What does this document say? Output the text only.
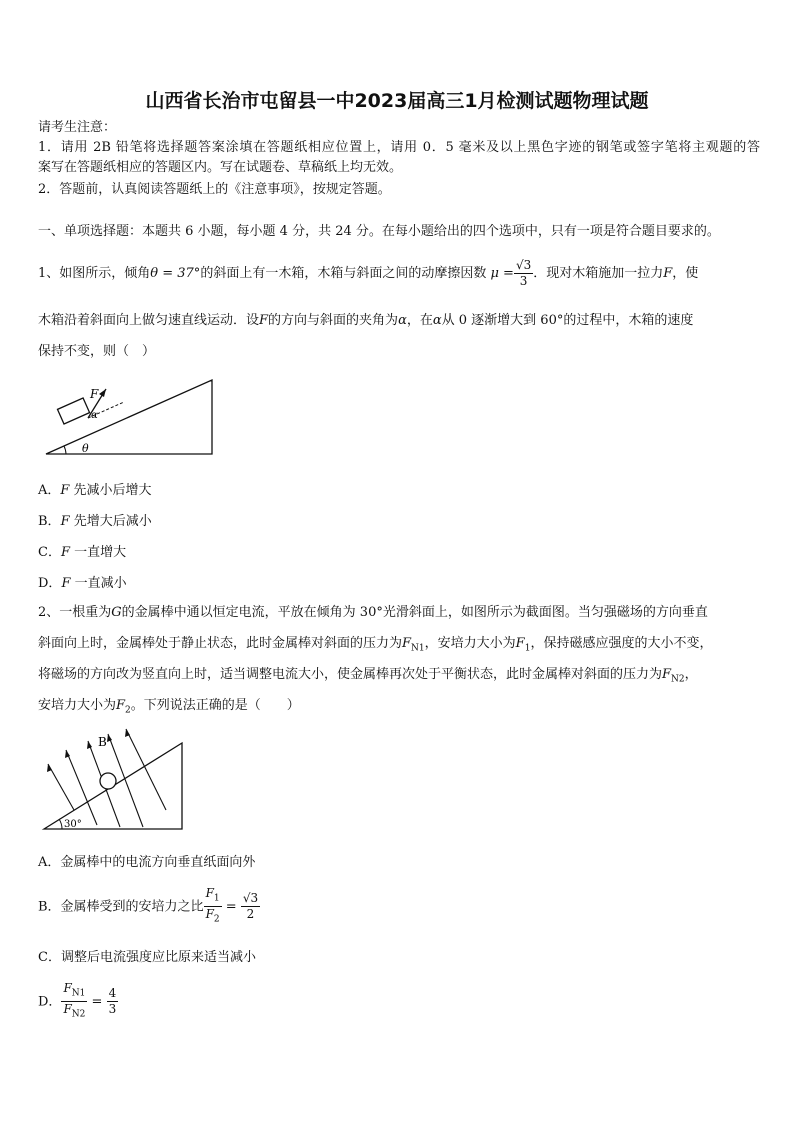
山西省长治市屯留县一中2023届高三1月检测试题物理试题
请考生注意：
1．请用 2B 铅笔将选择题答案涂填在答题纸相应位置上，请用 0．5 毫米及以上黑色字迹的钢笔或签字笔将主观题的答
案写在答题纸相应的答题区内。写在试题卷、草稿纸上均无效。
2．答题前，认真阅读答题纸上的《注意事项》，按规定答题。
一、单项选择题：本题共 6 小题，每小题 4 分，共 24 分。在每小题给出的四个选项中，只有一项是符合题目要求的。
1、如图所示，倾角θ = 37°的斜面上有一木箱，木箱与斜面之间的动摩擦因数 $\mu = \frac{√3}{3}$ ．现对木箱施加一拉力F，使
木箱沿着斜面向上做匀速直线运动．设F的方向与斜面的夹角为α，在α从 0 逐渐增大到 60°的过程中，木箱的速度
保持不变，则（　）
F
α
θ
A．F 先减小后增大
B．F 先增大后减小
C．F 一直增大
D．F 一直减小
2、一根重为G的金属棒中通以恒定电流，平放在倾角为 30°光滑斜面上，如图所示为截面图。当匀强磁场的方向垂直
斜面向上时，金属棒处于静止状态，此时金属棒对斜面的压力为$F_{N1}$，安培力大小为$F_1$，保持磁感应强度的大小不变，
将磁场的方向改为竖直向上时，适当调整电流大小，使金属棒再次处于平衡状态，此时金属棒对斜面的压力为$F_{N2}$，
安培力大小为$F_2$。下列说法正确的是（　　）
B
30°
A．金属棒中的电流方向垂直纸面向外
B．金属棒受到的安培力之比 $\frac{F_1}{F_2} = \frac{√3}{2}$
C．调整后电流强度应比原来适当减小
D． $\frac{F_{N1}}{F_{N2}} = \frac{4}{3}$
